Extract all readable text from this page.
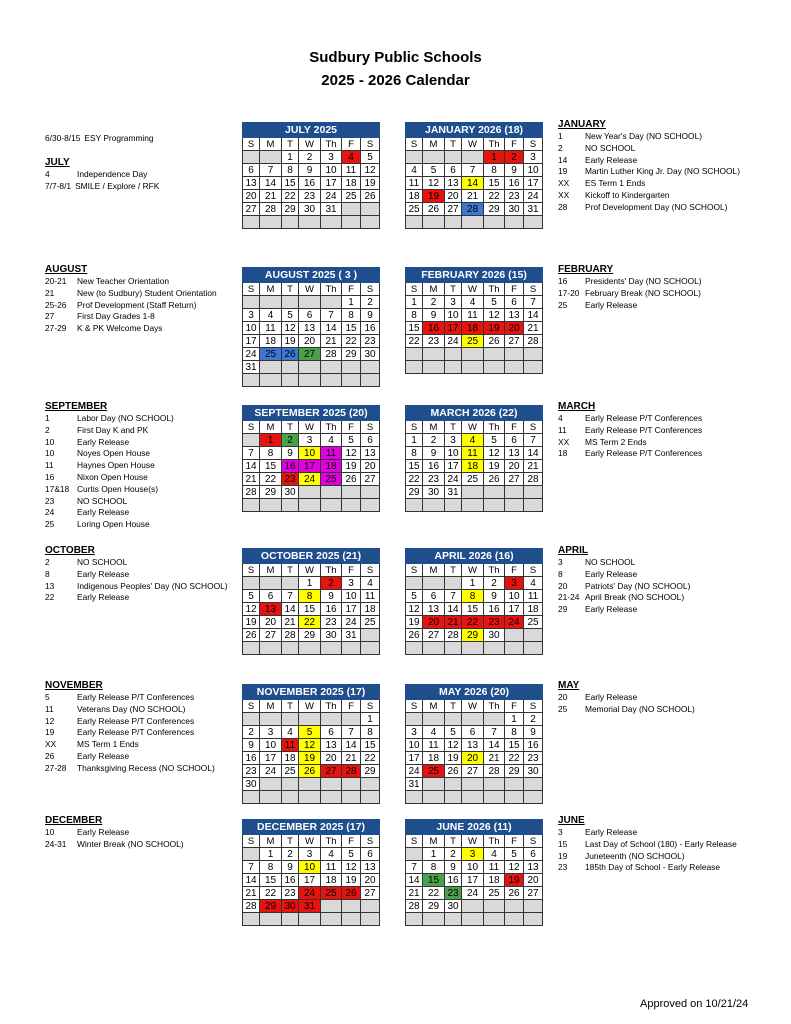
Sudbury Public Schools
2025 - 2026 Calendar
6/30-8/15 ESY Programming
JULY
4	Independence Day
7/7-8/1 SMILE / Explore / RFK
AUGUST
20-21	New Teacher Orientation
21	New (to Sudbury) Student Orientation
25-26	Prof Development (Staff Return)
27	First Day Grades 1-8
27-29	K & PK Welcome Days
SEPTEMBER
1	Labor Day (NO SCHOOL)
2	First Day K and PK
10	Early Release
10	Noyes Open House
11	Haynes Open House
16	Nixon Open House
17&18 Curtis Open House(s)
23	NO SCHOOL
24	Early Release
25	Loring Open House
OCTOBER
2	NO SCHOOL
8	Early Release
13	Indigenous Peoples' Day (NO SCHOOL)
22	Early Release
NOVEMBER
5	Early Release P/T Conferences
11	Veterans Day (NO SCHOOL)
12	Early Release P/T Conferences
19	Early Release P/T Conferences
XX	MS Term 1 Ends
26	Early Release
27-28	Thanksgiving Recess (NO SCHOOL)
DECEMBER
10	Early Release
24-31	Winter Break (NO SCHOOL)
JANUARY
1	New Year's Day (NO SCHOOL)
2	NO SCHOOL
14	Early Release
19	Martin Luther King Jr. Day (NO SCHOOL)
XX	ES Term 1 Ends
XX	Kickoff to Kindergarten
28	Prof Development Day (NO SCHOOL)
FEBRUARY
16	Presidents' Day (NO SCHOOL)
17-20 February Break (NO SCHOOL)
25	Early Release
MARCH
4	Early Release P/T Conferences
11	Early Release P/T Conferences
XX	MS Term 2 Ends
18	Early Release P/T Conferences
APRIL
3	NO SCHOOL
8	Early Release
20	Patriots' Day (NO SCHOOL)
21-24 April Break (NO SCHOOL)
29	Early Release
MAY
20	Early Release
25	Memorial Day (NO SCHOOL)
JUNE
3	Early Release
15	Last Day of School (180) - Early Release
19	Juneteenth (NO SCHOOL)
23	185th Day of School - Early Release
JULY 2025						
S	M	T	W	Th	F	S
		1	2	3	4	5
6	7	8	9	10	11	12
13	14	15	16	17	18	19
20	21	22	23	24	25	26
27	28	29	30	31		

JANUARY 2026 (18)						
S	M	T	W	Th	F	S
				1	2	3
4	5	6	7	8	9	10
11	12	13	14	15	16	17
18	19	20	21	22	23	24
25	26	27	28	29	30	31

AUGUST 2025 ( 3 )						
S	M	T	W	Th	F	S
					1	2
3	4	5	6	7	8	9
10	11	12	13	14	15	16
17	18	19	20	21	22	23
24	25	26	27	28	29	30
31						

FEBRUARY 2026 (15)						
S	M	T	W	Th	F	S
1	2	3	4	5	6	7
8	9	10	11	12	13	14
15	16	17	18	19	20	21
22	23	24	25	26	27	28

SEPTEMBER 2025 (20)						
S	M	T	W	Th	F	S
	1	2	3	4	5	6
7	8	9	10	11	12	13
14	15	16	17	18	19	20
21	22	23	24	25	26	27
28	29	30				

MARCH 2026 (22)						
S	M	T	W	Th	F	S
1	2	3	4	5	6	7
8	9	10	11	12	13	14
15	16	17	18	19	20	21
22	23	24	25	26	27	28
29	30	31				

OCTOBER 2025 (21)						
S	M	T	W	Th	F	S
			1	2	3	4
5	6	7	8	9	10	11
12	13	14	15	16	17	18
19	20	21	22	23	24	25
26	27	28	29	30	31	

APRIL 2026 (16)						
S	M	T	W	Th	F	S
			1	2	3	4
5	6	7	8	9	10	11
12	13	14	15	16	17	18
19	20	21	22	23	24	25
26	27	28	29	30		

NOVEMBER 2025 (17)						
S	M	T	W	Th	F	S
						1
2	3	4	5	6	7	8
9	10	11	12	13	14	15
16	17	18	19	20	21	22
23	24	25	26	27	28	29
30						

MAY 2026 (20)						
S	M	T	W	Th	F	S
					1	2
3	4	5	6	7	8	9
10	11	12	13	14	15	16
17	18	19	20	21	22	23
24	25	26	27	28	29	30
31						

DECEMBER 2025 (17)						
S	M	T	W	Th	F	S
	1	2	3	4	5	6
7	8	9	10	11	12	13
14	15	16	17	18	19	20
21	22	23	24	25	26	27
28	29	30	31			

JUNE 2026 (11)						
S	M	T	W	Th	F	S
	1	2	3	4	5	6
7	8	9	10	11	12	13
14	15	16	17	18	19	20
21	22	23	24	25	26	27
28	29	30				

Approved on 10/21/24
